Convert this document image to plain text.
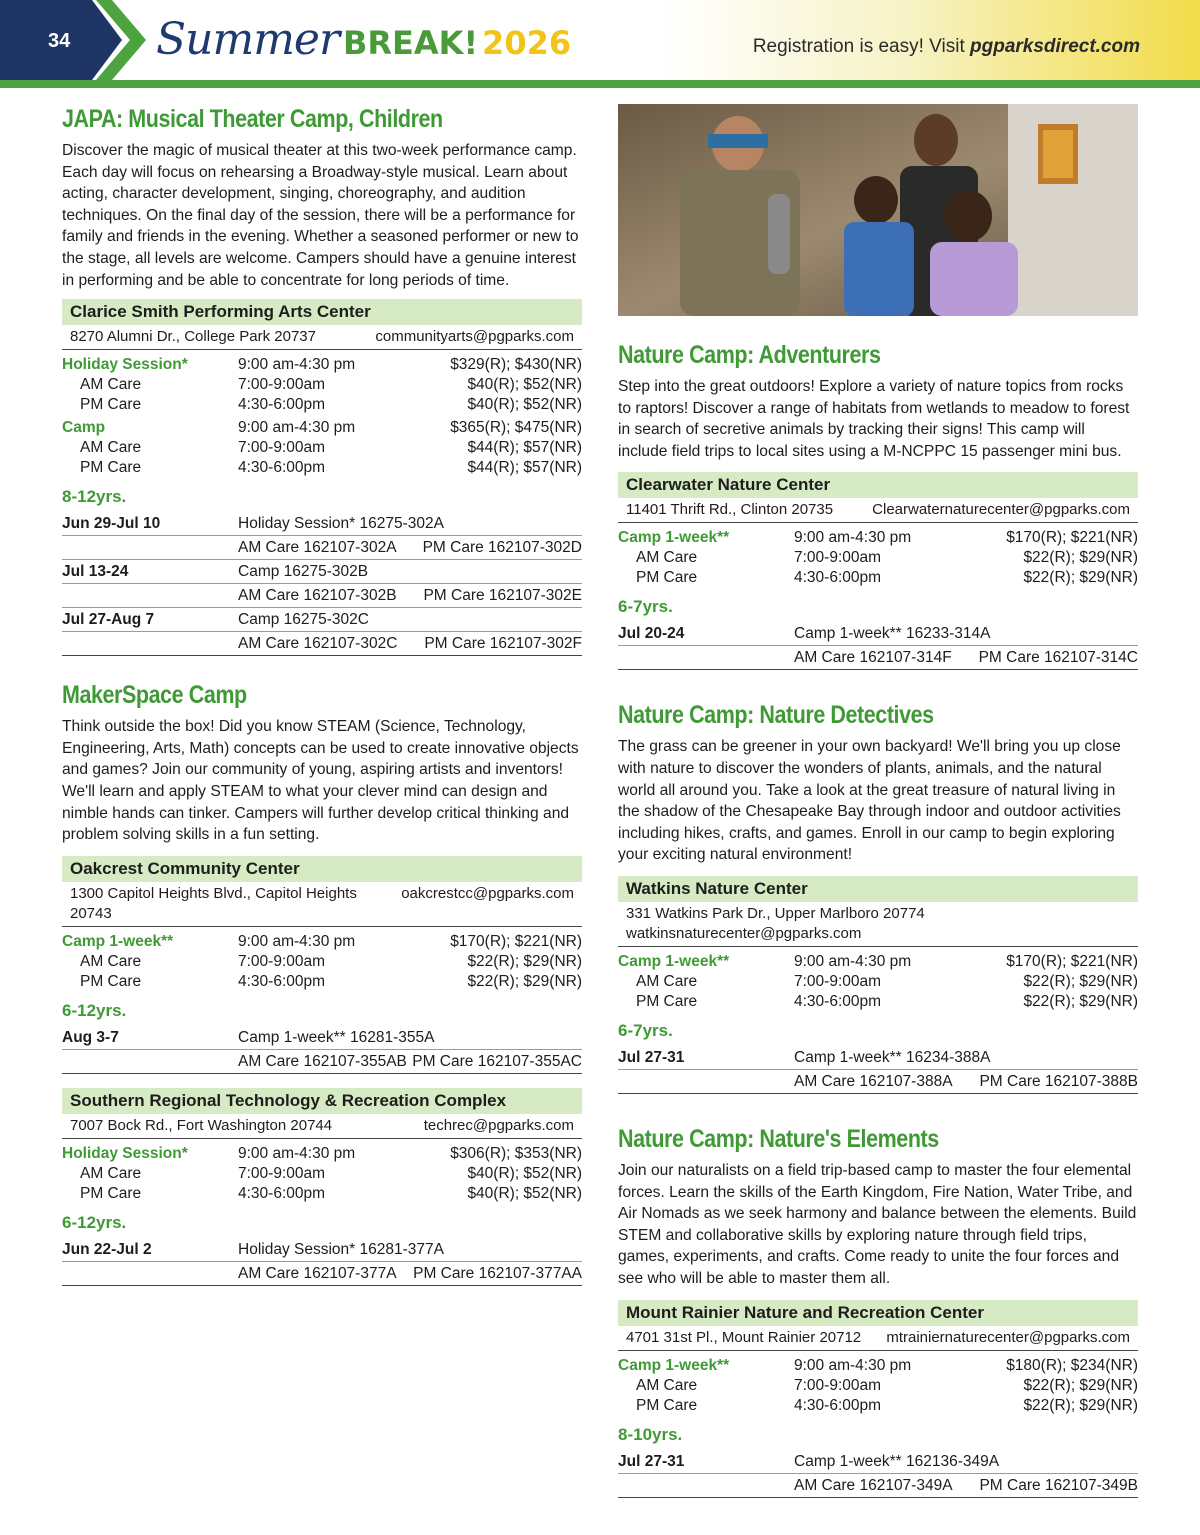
34 Summer BREAK! 2026	Registration is easy! Visit pgparksdirect.com
JAPA: Musical Theater Camp, Children

Discover the magic of musical theater at this two-week performance camp. Each day will focus on rehearsing a Broadway-style musical. Learn about acting, character development, singing, choreography, and audition techniques. On the final day of the session, there will be a performance for family and friends in the evening. Whether a seasoned performer or new to the stage, all levels are welcome. Campers should have a genuine interest in performing and be able to concentrate for long periods of time.

Clarice Smith Performing Arts Center
8270 Alumni Dr., College Park 20737	communityarts@pgparks.com
Holiday Session*	9:00 am-4:30 pm	$329(R); $430(NR)
AM Care	7:00-9:00am	$40(R); $52(NR)
PM Care	4:30-6:00pm	$40(R); $52(NR)
Camp	9:00 am-4:30 pm	$365(R); $475(NR)
AM Care	7:00-9:00am	$44(R); $57(NR)
PM Care	4:30-6:00pm	$44(R); $57(NR)
8-12yrs.
Jun 29-Jul 10	Holiday Session* 16275-302A
AM Care 162107-302A	PM Care 162107-302D
Jul 13-24	Camp 16275-302B
AM Care 162107-302B	PM Care 162107-302E
Jul 27-Aug 7	Camp 16275-302C
AM Care 162107-302C	PM Care 162107-302F
MakerSpace Camp

Think outside the box! Did you know STEAM (Science, Technology, Engineering, Arts, Math) concepts can be used to create innovative objects and games? Join our community of young, aspiring artists and inventors! We'll learn and apply STEAM to what your clever mind can design and nimble hands can tinker. Campers will further develop critical thinking and problem solving skills in a fun setting.

Oakcrest Community Center
1300 Capitol Heights Blvd., Capitol Heights 20743
oakcrestcc@pgparks.com
Camp 1-week**	9:00 am-4:30 pm	$170(R); $221(NR)
AM Care	7:00-9:00am	$22(R); $29(NR)
PM Care	4:30-6:00pm	$22(R); $29(NR)
6-12yrs.
Aug 3-7	Camp 1-week** 16281-355A
AM Care 162107-355AB PM Care 162107-355AC
Southern Regional Technology & Recreation Complex
7007 Bock Rd., Fort Washington 20744	techrec@pgparks.com
Holiday Session*	9:00 am-4:30 pm	$306(R); $353(NR)
AM Care	7:00-9:00am	$40(R); $52(NR)
PM Care	4:30-6:00pm	$40(R); $52(NR)
6-12yrs.
Jun 22-Jul 2	Holiday Session* 16281-377A
AM Care 162107-377A	PM Care 162107-377AA
Nature Camp: Adventurers

Step into the great outdoors! Explore a variety of nature topics from rocks to raptors! Discover a range of habitats from wetlands to meadow to forest in search of secretive animals by tracking their signs! This camp will include field trips to local sites using a M-NCPPC 15 passenger mini bus.

Clearwater Nature Center
11401 Thrift Rd., Clinton 20735	Clearwaternaturecenter@pgparks.com
Camp 1-week**	9:00 am-4:30 pm	$170(R); $221(NR)
AM Care	7:00-9:00am	$22(R); $29(NR)
PM Care	4:30-6:00pm	$22(R); $29(NR)
6-7yrs.
Jul 20-24	Camp 1-week** 16233-314A
AM Care 162107-314F	PM Care 162107-314C
Nature Camp: Nature Detectives

The grass can be greener in your own backyard! We'll bring you up close with nature to discover the wonders of plants, animals, and the natural world all around you. Take a look at the great treasure of natural living in the shadow of the Chesapeake Bay through indoor and outdoor activities including hikes, crafts, and games. Enroll in our camp to begin exploring your exciting natural environment!

Watkins Nature Center
331 Watkins Park Dr., Upper Marlboro 20774
watkinsnaturecenter@pgparks.com
Camp 1-week**	9:00 am-4:30 pm	$170(R); $221(NR)
AM Care	7:00-9:00am	$22(R); $29(NR)
PM Care	4:30-6:00pm	$22(R); $29(NR)
6-7yrs.
Jul 27-31	Camp 1-week** 16234-388A
AM Care 162107-388A	PM Care 162107-388B
Nature Camp: Nature's Elements

Join our naturalists on a field trip-based camp to master the four elemental forces. Learn the skills of the Earth Kingdom, Fire Nation, Water Tribe, and Air Nomads as we seek harmony and balance between the elements. Build STEM and collaborative skills by exploring nature through field trips, games, experiments, and crafts. Come ready to unite the four forces and see who will be able to master them all.

Mount Rainier Nature and Recreation Center
4701 31st Pl., Mount Rainier 20712 mtrainiernaturecenter@pgparks.com
Camp 1-week**	9:00 am-4:30 pm	$180(R); $234(NR)
AM Care	7:00-9:00am	$22(R); $29(NR)
PM Care	4:30-6:00pm	$22(R); $29(NR)
8-10yrs.
Jul 27-31	Camp 1-week** 162136-349A
AM Care 162107-349A	PM Care 162107-349B
